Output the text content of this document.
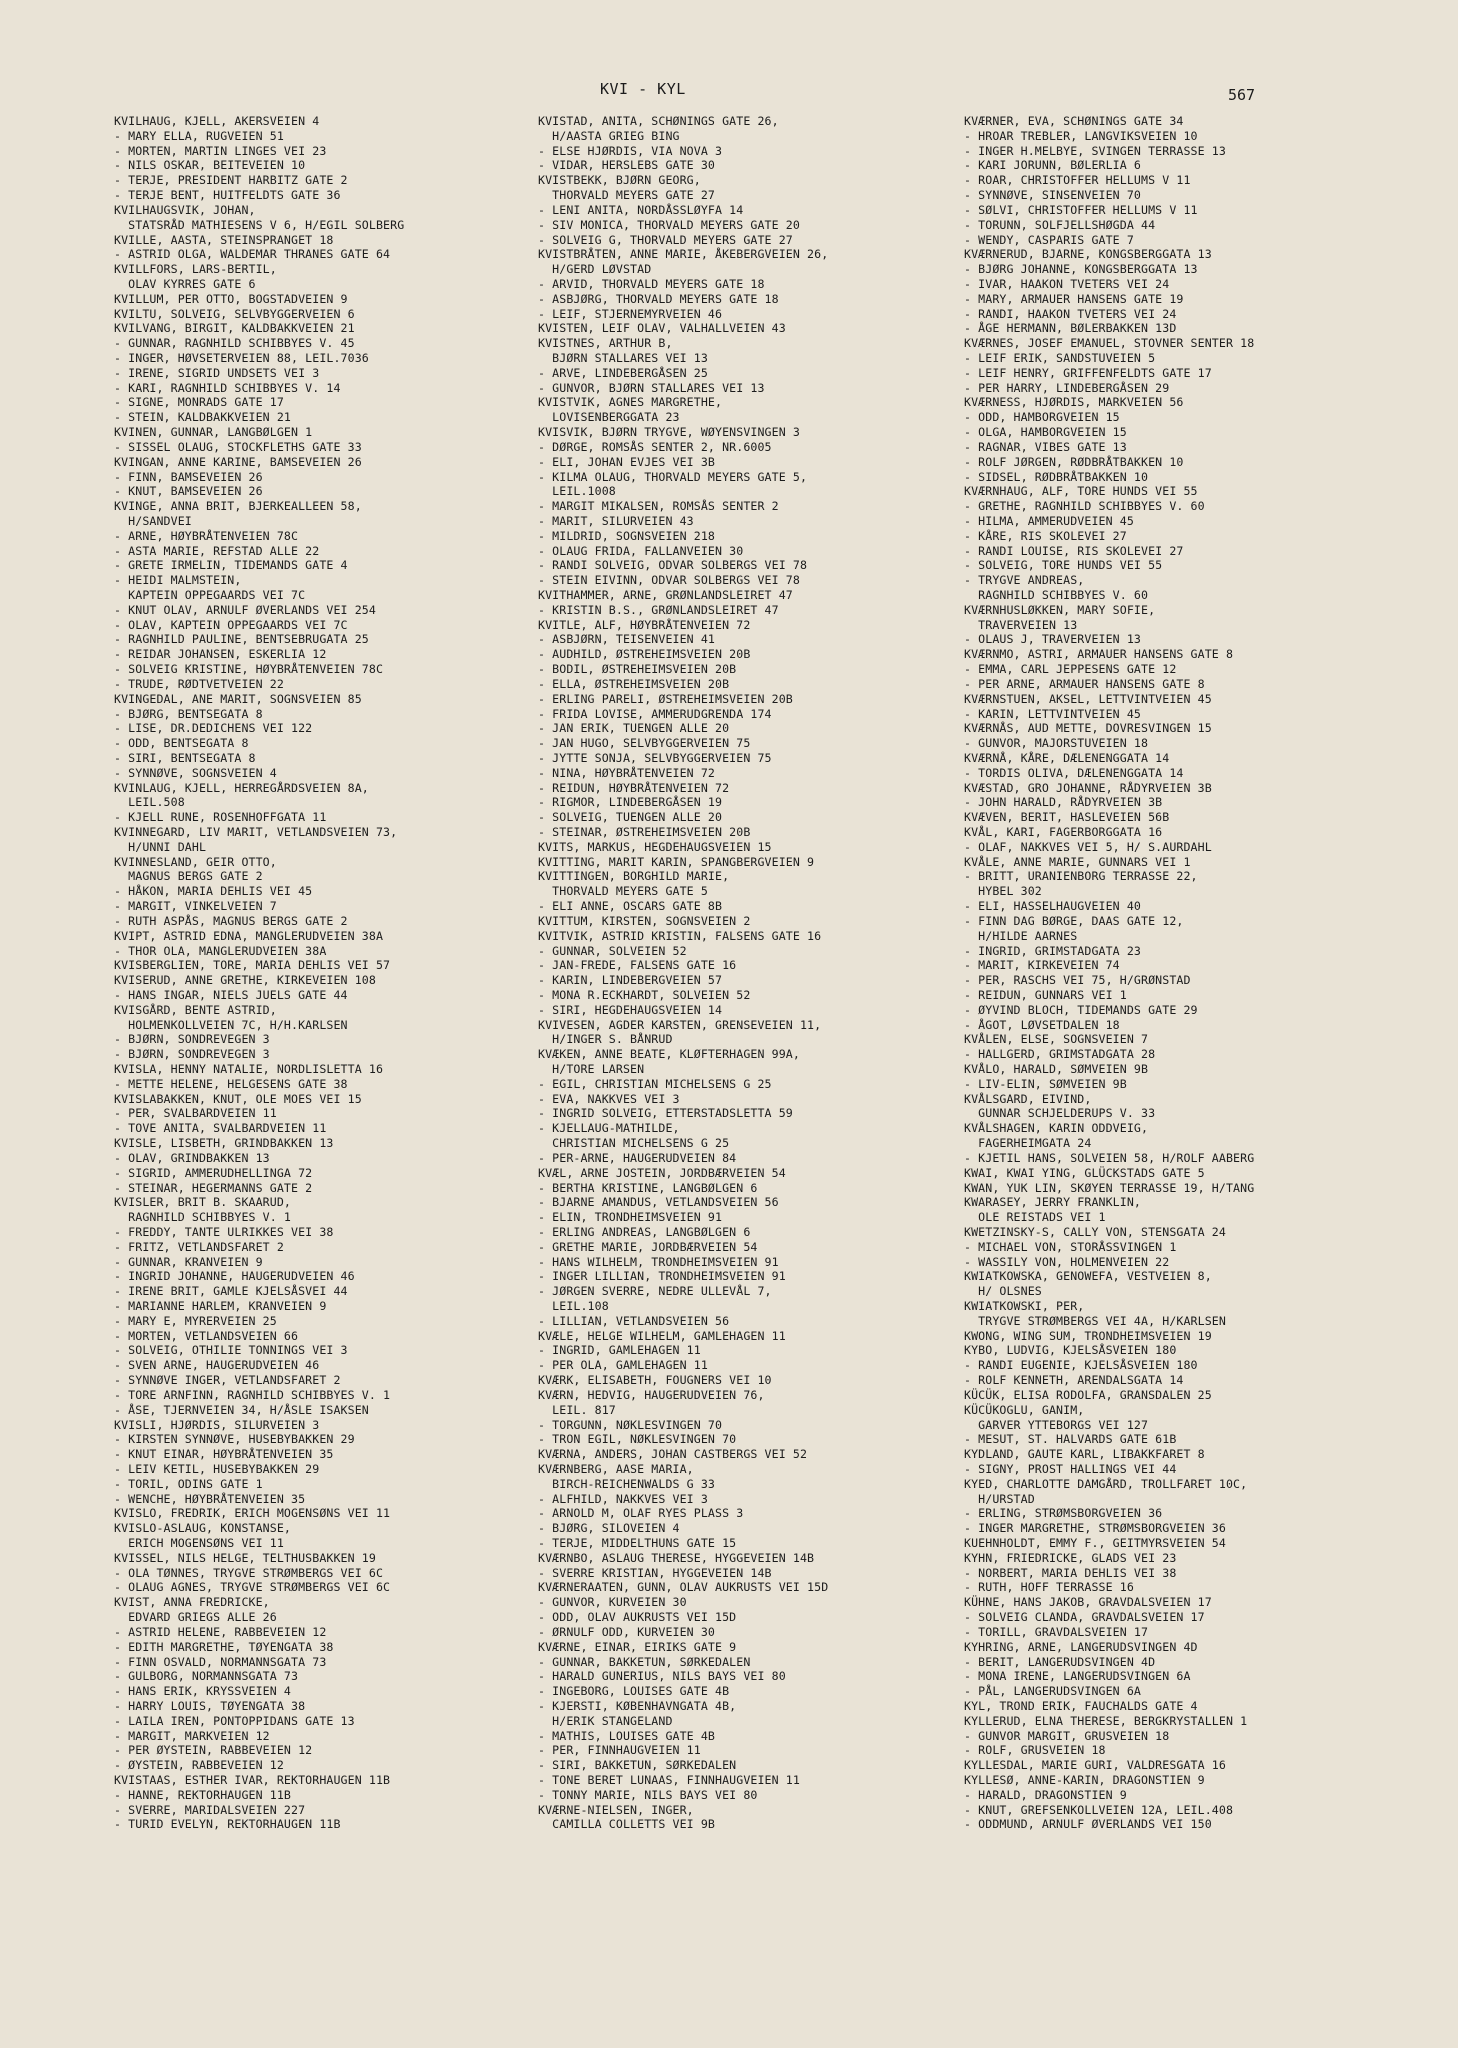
KVI - KYL	567
KVILHAUG, KJELL, AKERSVEIEN 4
- MARY ELLA, RUGVEIEN 51
- MORTEN, MARTIN LINGES VEI 23
- NILS OSKAR, BEITEVEIEN 10
- TERJE, PRESIDENT HARBITZ GATE 2
- TERJE BENT, HUITFELDTS GATE 36
KVILHAUGSVIK, JOHAN,
STATSRÅD MATHIESENS V 6, H/EGIL SOLBERG
KVILLE, AASTA, STEINSPRANGET 18
- ASTRID OLGA, WALDEMAR THRANES GATE 64
KVILLFORS, LARS-BERTIL,
OLAV KYRRES GATE 6
KVILLUM, PER OTTO, BOGSTADVEIEN 9
KVILTU, SOLVEIG, SELVBYGGERVEIEN 6
KVILVANG, BIRGIT, KALDBAKKVEIEN 21
- GUNNAR, RAGNHILD SCHIBBYES V. 45
- INGER, HØVSETERVEIEN 88, LEIL.7036
- IRENE, SIGRID UNDSETS VEI 3
- KARI, RAGNHILD SCHIBBYES V. 14
- SIGNE, MONRADS GATE 17
- STEIN, KALDBAKKVEIEN 21
KVINEN, GUNNAR, LANGBØLGEN 1
- SISSEL OLAUG, STOCKFLETHS GATE 33
KVINGAN, ANNE KARINE, BAMSEVEIEN 26
- FINN, BAMSEVEIEN 26
- KNUT, BAMSEVEIEN 26
KVINGE, ANNA BRIT, BJERKEALLEEN 58,
H/SANDVEI
- ARNE, HØYBRÅTENVEIEN 78C
- ASTA MARIE, REFSTAD ALLE 22
- GRETE IRMELIN, TIDEMANDS GATE 4
- HEIDI MALMSTEIN,
KAPTEIN OPPEGAARDS VEI 7C
- KNUT OLAV, ARNULF ØVERLANDS VEI 254
- OLAV, KAPTEIN OPPEGAARDS VEI 7C
- RAGNHILD PAULINE, BENTSEBRUGATA 25
- REIDAR JOHANSEN, ESKERLIA 12
- SOLVEIG KRISTINE, HØYBRÅTENVEIEN 78C
- TRUDE, RØDTVETVEIEN 22
KVINGEDAL, ANE MARIT, SOGNSVEIEN 85
- BJØRG, BENTSEGATA 8
- LISE, DR.DEDICHENS VEI 122
- ODD, BENTSEGATA 8
- SIRI, BENTSEGATA 8
- SYNNØVE, SOGNSVEIEN 4
KVINLAUG, KJELL, HERREGÅRDSVEIEN 8A,
LEIL.508
- KJELL RUNE, ROSENHOFFGATA 11
KVINNEGARD, LIV MARIT, VETLANDSVEIEN 73,
H/UNNI DAHL
KVINNESLAND, GEIR OTTO,
MAGNUS BERGS GATE 2
- HÅKON, MARIA DEHLIS VEI 45
- MARGIT, VINKELVEIEN 7
- RUTH ASPÅS, MAGNUS BERGS GATE 2
KVIPT, ASTRID EDNA, MANGLERUDVEIEN 38A
- THOR OLA, MANGLERUDVEIEN 38A
KVISBERGLIEN, TORE, MARIA DEHLIS VEI 57
KVISERUD, ANNE GRETHE, KIRKEVEIEN 108
- HANS INGAR, NIELS JUELS GATE 44
KVISGÅRD, BENTE ASTRID,
HOLMENKOLLVEIEN 7C, H/H.KARLSEN
- BJØRN, SONDREVEGEN 3
- BJØRN, SONDREVEGEN 3
KVISLA, HENNY NATALIE, NORDLISLETTA 16
- METTE HELENE, HELGESENS GATE 38
KVISLABAKKEN, KNUT, OLE MOES VEI 15
- PER, SVALBARDVEIEN 11
- TOVE ANITA, SVALBARDVEIEN 11
KVISLE, LISBETH, GRINDBAKKEN 13
- OLAV, GRINDBAKKEN 13
- SIGRID, AMMERUDHELLINGA 72
- STEINAR, HEGERMANNS GATE 2
KVISLER, BRIT B. SKAARUD,
RAGNHILD SCHIBBYES V. 1
- FREDDY, TANTE ULRIKKES VEI 38
- FRITZ, VETLANDSFARET 2
- GUNNAR, KRANVEIEN 9
- INGRID JOHANNE, HAUGERUDVEIEN 46
- IRENE BRIT, GAMLE KJELSÅSVEI 44
- MARIANNE HARLEM, KRANVEIEN 9
- MARY E, MYRERVEIEN 25
- MORTEN, VETLANDSVEIEN 66
- SOLVEIG, OTHILIE TONNINGS VEI 3
- SVEN ARNE, HAUGERUDVEIEN 46
- SYNNØVE INGER, VETLANDSFARET 2
- TORE ARNFINN, RAGNHILD SCHIBBYES V. 1
- ÅSE, TJERNVEIEN 34, H/ÅSLE ISAKSEN
KVISLI, HJØRDIS, SILURVEIEN 3
- KIRSTEN SYNNØVE, HUSEBYBAKKEN 29
- KNUT EINAR, HØYBRÅTENVEIEN 35
- LEIV KETIL, HUSEBYBAKKEN 29
- TORIL, ODINS GATE 1
- WENCHE, HØYBRÅTENVEIEN 35
KVISLO, FREDRIK, ERICH MOGENSØNS VEI 11
KVISLO-ASLAUG, KONSTANSE,
ERICH MOGENSØNS VEI 11
KVISSEL, NILS HELGE, TELTHUSBAKKEN 19
- OLA TØNNES, TRYGVE STRØMBERGS VEI 6C
- OLAUG AGNES, TRYGVE STRØMBERGS VEI 6C
KVIST, ANNA FREDRICKE,
EDVARD GRIEGS ALLE 26
- ASTRID HELENE, RABBEVEIEN 12
- EDITH MARGRETHE, TØYENGATA 38
- FINN OSVALD, NORMANNSGATA 73
- GULBORG, NORMANNSGATA 73
- HANS ERIK, KRYSSVEIEN 4
- HARRY LOUIS, TØYENGATA 38
- LAILA IREN, PONTOPPIDANS GATE 13
- MARGIT, MARKVEIEN 12
- PER ØYSTEIN, RABBEVEIEN 12
- ØYSTEIN, RABBEVEIEN 12
KVISTAAS, ESTHER IVAR, REKTORHAUGEN 11B
- HANNE, REKTORHAUGEN 11B
- SVERRE, MARIDALSVEIEN 227
- TURID EVELYN, REKTORHAUGEN 11B
KVISTAD, ANITA, SCHØNINGS GATE 26,
H/AASTA GRIEG BING
- ELSE HJØRDIS, VIA NOVA 3
- VIDAR, HERSLEBS GATE 30
KVISTBEKK, BJØRN GEORG,
THORVALD MEYERS GATE 27
- LENI ANITA, NORDÅSSLØYFA 14
- SIV MONICA, THORVALD MEYERS GATE 20
- SOLVEIG G, THORVALD MEYERS GATE 27
KVISTBRÅTEN, ANNE MARIE, ÅKEBERGVEIEN 26,
H/GERD LØVSTAD
- ARVID, THORVALD MEYERS GATE 18
- ASBJØRG, THORVALD MEYERS GATE 18
- LEIF, STJERNEMYRVEIEN 46
KVISTEN, LEIF OLAV, VALHALLVEIEN 43
KVISTNES, ARTHUR B,
BJØRN STALLARES VEI 13
- ARVE, LINDEBERGÅSEN 25
- GUNVOR, BJØRN STALLARES VEI 13
KVISTVIK, AGNES MARGRETHE,
LOVISENBERGGATA 23
KVISVIK, BJØRN TRYGVE, WØYENSVINGEN 3
- DØRGE, ROMSÅS SENTER 2, NR.6005
- ELI, JOHAN EVJES VEI 3B
- KILMA OLAUG, THORVALD MEYERS GATE 5,
LEIL.1008
- MARGIT MIKALSEN, ROMSÅS SENTER 2
- MARIT, SILURVEIEN 43
- MILDRID, SOGNSVEIEN 218
- OLAUG FRIDA, FALLANVEIEN 30
- RANDI SOLVEIG, ODVAR SOLBERGS VEI 78
- STEIN EIVINN, ODVAR SOLBERGS VEI 78
KVITHAMMER, ARNE, GRØNLANDSLEIRET 47
- KRISTIN B.S., GRØNLANDSLEIRET 47
KVITLE, ALF, HØYBRÅTENVEIEN 72
- ASBJØRN, TEISENVEIEN 41
- AUDHILD, ØSTREHEIMSVEIEN 20B
- BODIL, ØSTREHEIMSVEIEN 20B
- ELLA, ØSTREHEIMSVEIEN 20B
- ERLING PARELI, ØSTREHEIMSVEIEN 20B
- FRIDA LOVISE, AMMERUDGRENDA 174
- JAN ERIK, TUENGEN ALLE 20
- JAN HUGO, SELVBYGGERVEIEN 75
- JYTTE SONJA, SELVBYGGERVEIEN 75
- NINA, HØYBRÅTENVEIEN 72
- REIDUN, HØYBRÅTENVEIEN 72
- RIGMOR, LINDEBERGÅSEN 19
- SOLVEIG, TUENGEN ALLE 20
- STEINAR, ØSTREHEIMSVEIEN 20B
KVITS, MARKUS, HEGDEHAUGSVEIEN 15
KVITTING, MARIT KARIN, SPANGBERGVEIEN 9
KVITTINGEN, BORGHILD MARIE,
THORVALD MEYERS GATE 5
- ELI ANNE, OSCARS GATE 8B
KVITTUM, KIRSTEN, SOGNSVEIEN 2
KVITVIK, ASTRID KRISTIN, FALSENS GATE 16
- GUNNAR, SOLVEIEN 52
- JAN-FREDE, FALSENS GATE 16
- KARIN, LINDEBERGVEIEN 57
- MONA R.ECKHARDT, SOLVEIEN 52
- SIRI, HEGDEHAUGSVEIEN 14
KVIVESEN, AGDER KARSTEN, GRENSEVEIEN 11,
H/INGER S. BÅNRUD
KVÆKEN, ANNE BEATE, KLØFTERHAGEN 99A,
H/TORE LARSEN
- EGIL, CHRISTIAN MICHELSENS G 25
- EVA, NAKKVES VEI 3
- INGRID SOLVEIG, ETTERSTADSLETTA 59
- KJELLAUG-MATHILDE,
CHRISTIAN MICHELSENS G 25
- PER-ARNE, HAUGERUDVEIEN 84
KVÆL, ARNE JOSTEIN, JORDBÆRVEIEN 54
- BERTHA KRISTINE, LANGBØLGEN 6
- BJARNE AMANDUS, VETLANDSVEIEN 56
- ELIN, TRONDHEIMSVEIEN 91
- ERLING ANDREAS, LANGBØLGEN 6
- GRETHE MARIE, JORDBÆRVEIEN 54
- HANS WILHELM, TRONDHEIMSVEIEN 91
- INGER LILLIAN, TRONDHEIMSVEIEN 91
- JØRGEN SVERRE, NEDRE ULLEVÅL 7,
LEIL.108
- LILLIAN, VETLANDSVEIEN 56
KVÆLE, HELGE WILHELM, GAMLEHAGEN 11
- INGRID, GAMLEHAGEN 11
- PER OLA, GAMLEHAGEN 11
KVÆRK, ELISABETH, FOUGNERS VEI 10
KVÆRN, HEDVIG, HAUGERUDVEIEN 76,
LEIL. 817
- TORGUNN, NØKLESVINGEN 70
- TRON EGIL, NØKLESVINGEN 70
KVÆRNA, ANDERS, JOHAN CASTBERGS VEI 52
KVÆRNBERG, AASE MARIA,
BIRCH-REICHENWALDS G 33
- ALFHILD, NAKKVES VEI 3
- ARNOLD M, OLAF RYES PLASS 3
- BJØRG, SILOVEIEN 4
- TERJE, MIDDELTHUNS GATE 15
KVÆRNBO, ASLAUG THERESE, HYGGEVEIEN 14B
- SVERRE KRISTIAN, HYGGEVEIEN 14B
KVÆRNERAATEN, GUNN, OLAV AUKRUSTS VEI 15D
- GUNVOR, KURVEIEN 30
- ODD, OLAV AUKRUSTS VEI 15D
- ØRNULF ODD, KURVEIEN 30
KVÆRNE, EINAR, EIRIKS GATE 9
- GUNNAR, BAKKETUN, SØRKEDALEN
- HARALD GUNERIUS, NILS BAYS VEI 80
- INGEBORG, LOUISES GATE 4B
- KJERSTI, KØBENHAVNGATA 4B,
H/ERIK STANGELAND
- MATHIS, LOUISES GATE 4B
- PER, FINNHAUGVEIEN 11
- SIRI, BAKKETUN, SØRKEDALEN
- TONE BERET LUNAAS, FINNHAUGVEIEN 11
- TONNY MARIE, NILS BAYS VEI 80
KVÆRNE-NIELSEN, INGER,
CAMILLA COLLETTS VEI 9B
KVÆRNER, EVA, SCHØNINGS GATE 34
- HROAR TREBLER, LANGVIKSVEIEN 10
- INGER H.MELBYE, SVINGEN TERRASSE 13
- KARI JORUNN, BØLERLIA 6
- ROAR, CHRISTOFFER HELLUMS V 11
- SYNNØVE, SINSENVEIEN 70
- SØLVI, CHRISTOFFER HELLUMS V 11
- TORUNN, SOLFJELLSHØGDA 44
- WENDY, CASPARIS GATE 7
KVÆRNERUD, BJARNE, KONGSBERGGATA 13
- BJØRG JOHANNE, KONGSBERGGATA 13
- IVAR, HAAKON TVETERS VEI 24
- MARY, ARMAUER HANSENS GATE 19
- RANDI, HAAKON TVETERS VEI 24
- ÅGE HERMANN, BØLERBAKKEN 13D
KVÆRNES, JOSEF EMANUEL, STOVNER SENTER 18
- LEIF ERIK, SANDSTUVEIEN 5
- LEIF HENRY, GRIFFENFELDTS GATE 17
- PER HARRY, LINDEBERGÅSEN 29
KVÆRNESS, HJØRDIS, MARKVEIEN 56
- ODD, HAMBORGVEIEN 15
- OLGA, HAMBORGVEIEN 15
- RAGNAR, VIBES GATE 13
- ROLF JØRGEN, RØDBRÅTBAKKEN 10
- SIDSEL, RØDBRÅTBAKKEN 10
KVÆRNHAUG, ALF, TORE HUNDS VEI 55
- GRETHE, RAGNHILD SCHIBBYES V. 60
- HILMA, AMMERUDVEIEN 45
- KÅRE, RIS SKOLEVEI 27
- RANDI LOUISE, RIS SKOLEVEI 27
- SOLVEIG, TORE HUNDS VEI 55
- TRYGVE ANDREAS,
RAGNHILD SCHIBBYES V. 60
KVÆRNHUSLØKKEN, MARY SOFIE,
TRAVERVEIEN 13
- OLAUS J, TRAVERVEIEN 13
KVÆRNMO, ASTRI, ARMAUER HANSENS GATE 8
- EMMA, CARL JEPPESENS GATE 12
- PER ARNE, ARMAUER HANSENS GATE 8
KVÆRNSTUEN, AKSEL, LETTVINTVEIEN 45
- KARIN, LETTVINTVEIEN 45
KVÆRNÅS, AUD METTE, DOVRESVINGEN 15
- GUNVOR, MAJORSTUVEIEN 18
KVÆRNÅ, KÅRE, DÆLENENGGATA 14
- TORDIS OLIVA, DÆLENENGGATA 14
KVÆSTAD, GRO JOHANNE, RÅDYRVEIEN 3B
- JOHN HARALD, RÅDYRVEIEN 3B
KVÆVEN, BERIT, HASLEVEIEN 56B
KVÅL, KARI, FAGERBORGGATA 16
- OLAF, NAKKVES VEI 5, H/ S.AURDAHL
KVÅLE, ANNE MARIE, GUNNARS VEI 1
- BRITT, URANIENBORG TERRASSE 22,
HYBEL 302
- ELI, HASSELHAUGVEIEN 40
- FINN DAG BØRGE, DAAS GATE 12,
H/HILDE AARNES
- INGRID, GRIMSTADGATA 23
- MARIT, KIRKEVEIEN 74
- PER, RASCHS VEI 75, H/GRØNSTAD
- REIDUN, GUNNARS VEI 1
- ØYVIND BLOCH, TIDEMANDS GATE 29
- ÅGOT, LØVSETDALEN 18
KVÅLEN, ELSE, SOGNSVEIEN 7
- HALLGERD, GRIMSTADGATA 28
KVÅLO, HARALD, SØMVEIEN 9B
- LIV-ELIN, SØMVEIEN 9B
KVÅLSGARD, EIVIND,
GUNNAR SCHJELDERUPS V. 33
KVÅLSHAGEN, KARIN ODDVEIG,
FAGERHEIMGATA 24
- KJETIL HANS, SOLVEIEN 58, H/ROLF AABERG
KWAI, KWAI YING, GLÜCKSTADS GATE 5
KWAN, YUK LIN, SKØYEN TERRASSE 19, H/TANG
KWARASEY, JERRY FRANKLIN,
OLE REISTADS VEI 1
KWETZINSKY-S, CALLY VON, STENSGATA 24
- MICHAEL VON, STORÅSSVINGEN 1
- WASSILY VON, HOLMENVEIEN 22
KWIATKOWSKA, GENOWEFA, VESTVEIEN 8,
H/ OLSNES
KWIATKOWSKI, PER,
TRYGVE STRØMBERGS VEI 4A, H/KARLSEN
KWONG, WING SUM, TRONDHEIMSVEIEN 19
KYBO, LUDVIG, KJELSÅSVEIEN 180
- RANDI EUGENIE, KJELSÅSVEIEN 180
- ROLF KENNETH, ARENDALSGATA 14
KÜCÜK, ELISA RODOLFA, GRANSDALEN 25
KÜCÜKOGLU, GANIM,
GARVER YTTEBORGS VEI 127
- MESUT, ST. HALVARDS GATE 61B
KYDLAND, GAUTE KARL, LIBAKKFARET 8
- SIGNY, PROST HALLINGS VEI 44
KYED, CHARLOTTE DAMGÅRD, TROLLFARET 10C,
H/URSTAD
- ERLING, STRØMSBORGVEIEN 36
- INGER MARGRETHE, STRØMSBORGVEIEN 36
KUEHNHOLDT, EMMY F., GEITMYRSVEIEN 54
KYHN, FRIEDRICKE, GLADS VEI 23
- NORBERT, MARIA DEHLIS VEI 38
- RUTH, HOFF TERRASSE 16
KÜHNE, HANS JAKOB, GRAVDALSVEIEN 17
- SOLVEIG CLANDA, GRAVDALSVEIEN 17
- TORILL, GRAVDALSVEIEN 17
KYHRING, ARNE, LANGERUDSVINGEN 4D
- BERIT, LANGERUDSVINGEN 4D
- MONA IRENE, LANGERUDSVINGEN 6A
- PÅL, LANGERUDSVINGEN 6A
KYL, TROND ERIK, FAUCHALDS GATE 4
KYLLERUD, ELNA THERESE, BERGKRYSTALLEN 1
- GUNVOR MARGIT, GRUSVEIEN 18
- ROLF, GRUSVEIEN 18
KYLLESDAL, MARIE GURI, VALDRESGATA 16
KYLLESØ, ANNE-KARIN, DRAGONSTIEN 9
- HARALD, DRAGONSTIEN 9
- KNUT, GREFSENKOLLVEIEN 12A, LEIL.408
- ODDMUND, ARNULF ØVERLANDS VEI 150
